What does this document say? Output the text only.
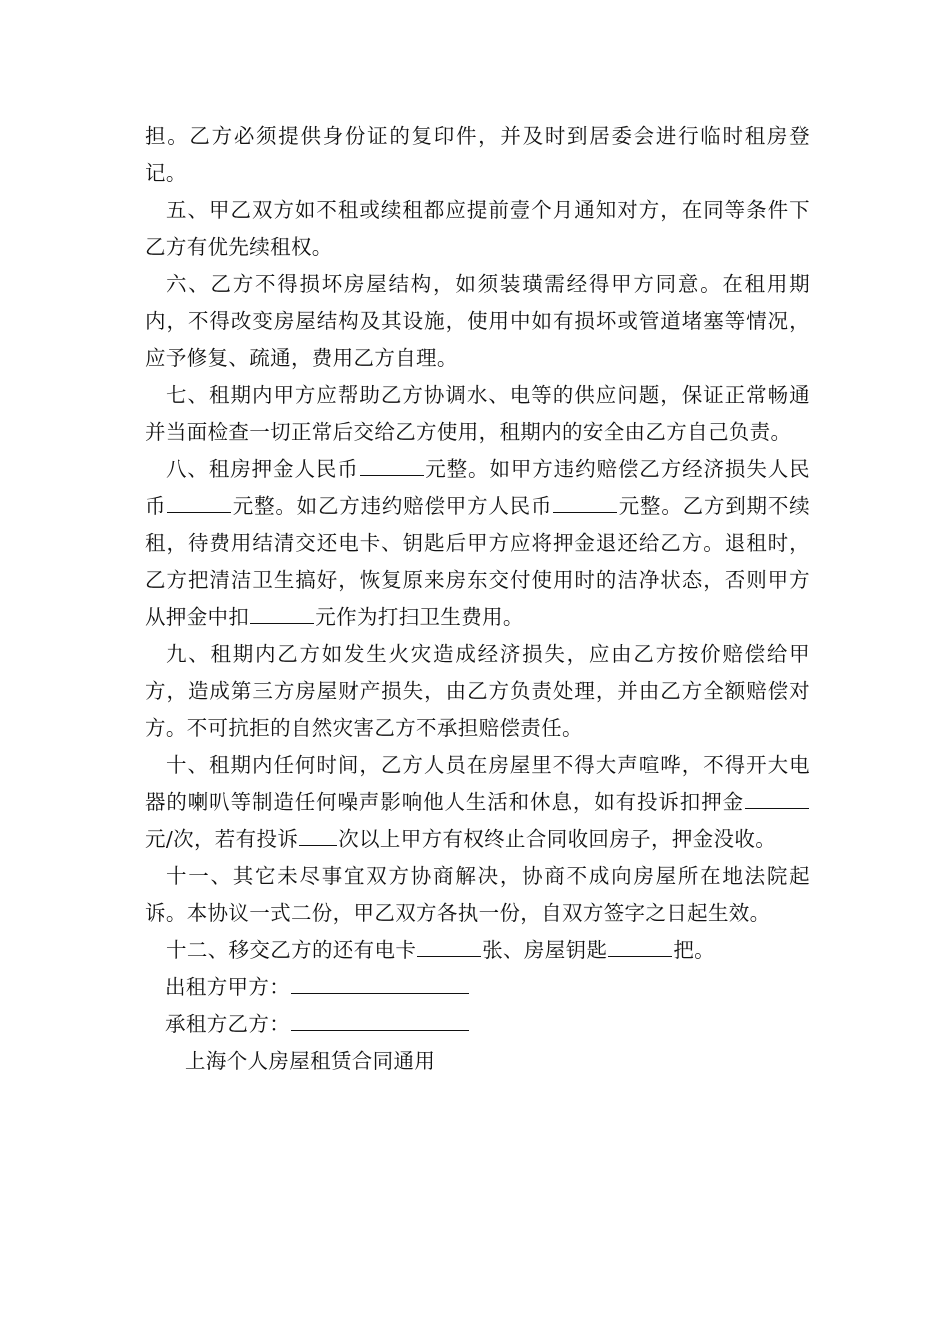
担。乙方必须提供身份证的复印件，并及时到居委会进行临时租房登记。

五、甲乙双方如不租或续租都应提前壹个月通知对方，在同等条件下乙方有优先续租权。

六、乙方不得损坏房屋结构，如须装璜需经得甲方同意。在租用期内，不得改变房屋结构及其设施，使用中如有损坏或管道堵塞等情况，应予修复、疏通，费用乙方自理。

七、租期内甲方应帮助乙方协调水、电等的供应问题，保证正常畅通并当面检查一切正常后交给乙方使用，租期内的安全由乙方自己负责。

八、租房押金人民币	元整。如甲方违约赔偿乙方经济损失人民币	元整。如乙方违约赔偿甲方人民币	元整。乙方到期不续租，待费用结清交还电卡、钥匙后甲方应将押金退还给乙方。退租时，乙方把清洁卫生搞好，恢复原来房东交付使用时的洁净状态，否则甲方从押金中扣	元作为打扫卫生费用。

九、租期内乙方如发生火灾造成经济损失，应由乙方按价赔偿给甲方，造成第三方房屋财产损失，由乙方负责处理，并由乙方全额赔偿对方。不可抗拒的自然灾害乙方不承担赔偿责任。

十、租期内任何时间，乙方人员在房屋里不得大声喧哗，不得开大电器的喇叭等制造任何噪声影响他人生活和休息，如有投诉扣押金元/次，若有投诉 次以上甲方有权终止合同收回房子，押金没收。

十一、其它未尽事宜双方协商解决，协商不成向房屋所在地法院起诉。本协议一式二份，甲乙双方各执一份，自双方签字之日起生效。

十二、移交乙方的还有电卡	张、房屋钥匙	把。

出租方甲方：

承租方乙方：

上海个人房屋租赁合同通用
